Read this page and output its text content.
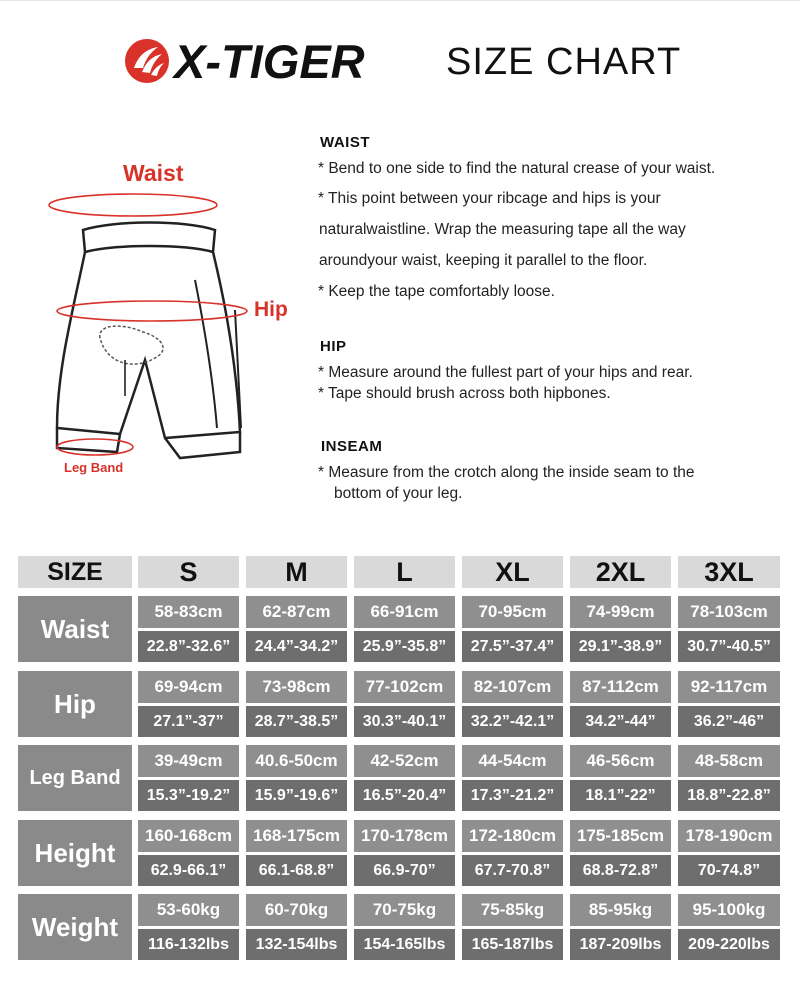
X-TIGER SIZE CHART
Waist
Hip
Leg Band
WAIST
* Bend to one side to find the natural crease of your waist.
* This point between your ribcage and hips is your
naturalwaistline. Wrap the measuring tape all the way
aroundyour waist, keeping it parallel to the floor.
* Keep the tape comfortably loose.
HIP
* Measure around the fullest part of your hips and rear.
* Tape should brush across both hipbones.
INSEAM
* Measure from the crotch along the inside seam to the
bottom of your leg.
SIZE	S	M	L	XL	2XL	3XL
Waist
58-83cm	62-87cm	66-91cm	70-95cm	74-99cm	78-103cm
22.8”-32.6”	24.4”-34.2”	25.9”-35.8”	27.5”-37.4”	29.1”-38.9”	30.7”-40.5”
Hip
69-94cm	73-98cm	77-102cm	82-107cm	87-112cm	92-117cm
27.1”-37”	28.7”-38.5”	30.3”-40.1”	32.2”-42.1”	34.2”-44”	36.2”-46”
Leg Band
39-49cm	40.6-50cm	42-52cm	44-54cm	46-56cm	48-58cm
15.3”-19.2”	15.9”-19.6”	16.5”-20.4”	17.3”-21.2”	18.1”-22”	18.8”-22.8”
Height
160-168cm	168-175cm	170-178cm	172-180cm	175-185cm	178-190cm
62.9-66.1”	66.1-68.8”	66.9-70”	67.7-70.8”	68.8-72.8”	70-74.8”
Weight
53-60kg	60-70kg	70-75kg	75-85kg	85-95kg	95-100kg
116-132lbs	132-154lbs	154-165lbs	165-187lbs	187-209lbs	209-220lbs
